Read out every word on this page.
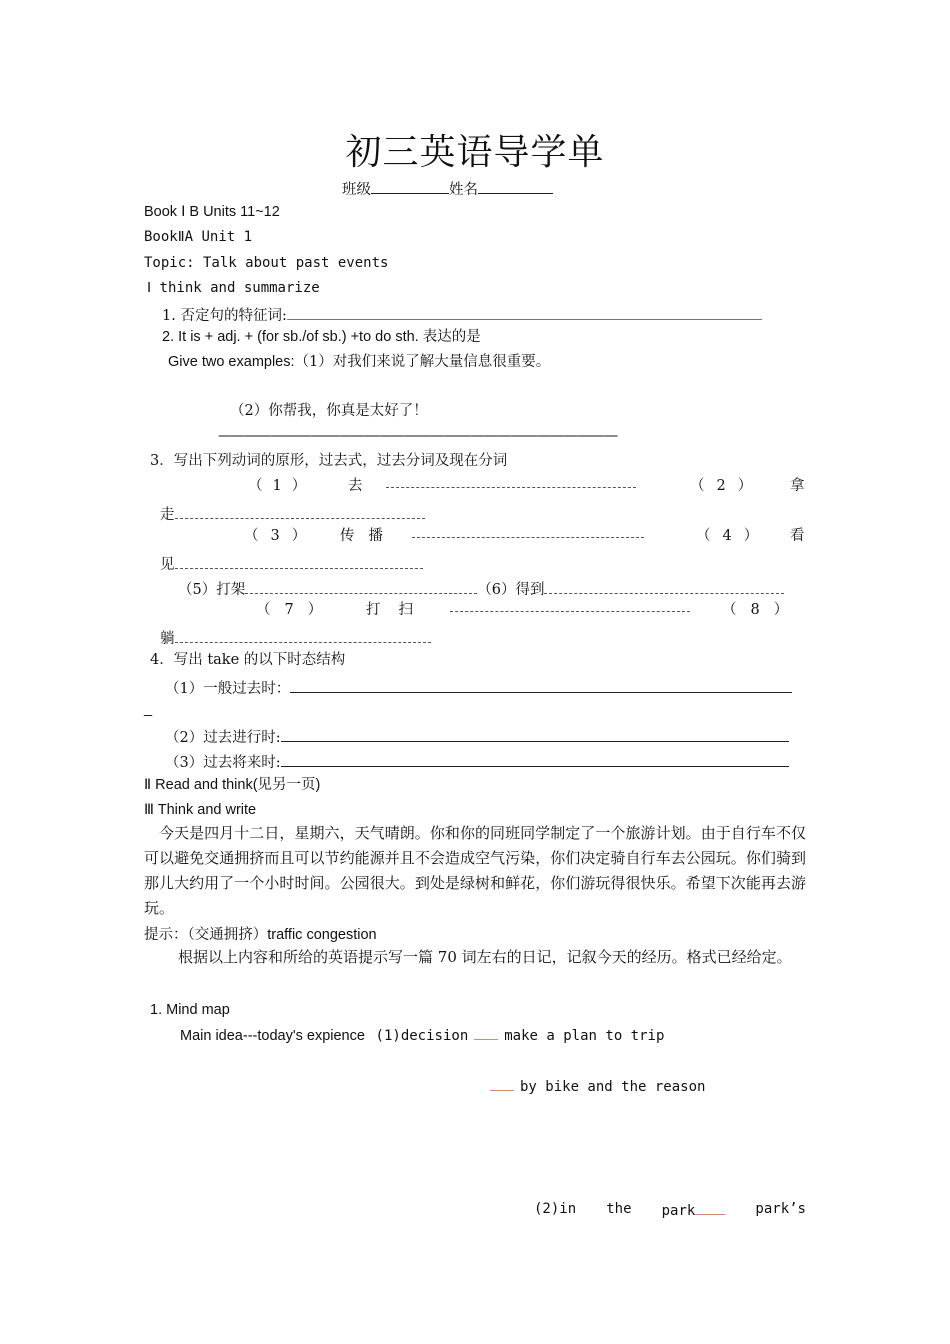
初三英语导学单
班级	姓名
Book Ⅰ B Units 11~12
BookⅡA Unit 1
Topic: Talk about past events
Ⅰ think and summarize
1. 否定句的特征词:
2. It is + adj. + (for sb./of sb.) +to do sth. 表达的是
Give two examples:（1）对我们来说了解大量信息很重要。
（2）你帮我，你真是太好了！
——————————————————————————————
3．写出下列动词的原形，过去式，过去分词及现在分词
（1） 去	（2） 拿
走
（3） 传播	（4） 看
见
（5）打架	（6）得到
（7） 打扫	（8）
躺
4．写出 take 的以下时态结构
（1）一般过去时：
_
（2）过去进行时:
（3）过去将来时:
Ⅱ Read and think(见另一页)
Ⅲ Think and write
今天是四月十二日，星期六，天气晴朗。你和你的同班同学制定了一个旅游计划。由于自行车不仅可以避免交通拥挤而且可以节约能源并且不会造成空气污染，你们决定骑自行车去公园玩。你们骑到那儿大约用了一个小时时间。公园很大。到处是绿树和鲜花，你们游玩得很快乐。希望下次能再去游玩。
提示：（交通拥挤）traffic congestion
根据以上内容和所给的英语提示写一篇 70 词左右的日记，记叙今天的经历。格式已经给定。
1. Mind map
Main idea---today's expience (1)decision	make a plan to trip
by bike and the reason
(2)in the park	park’s
